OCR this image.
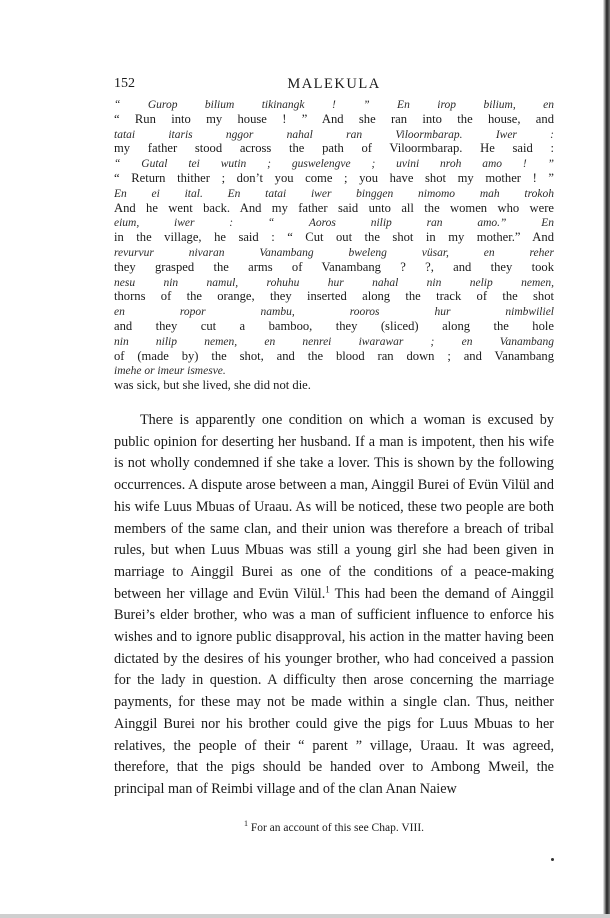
152	MALEKULA
“ Gurop bilium tikinangk ! ” En irop bilium, en
“ Run into my house ! ” And she ran into the house, and
tatai itaris nggor nahal ran Viloormbarap. Iwer :
my father stood across the path of Viloormbarap. He said :
“ Gutal tei wutin ; guswelengve ; uvini nroh amo ! ”
“ Return thither ; don’t you come ; you have shot my mother ! ”
En ei ital. En tatai iwer binggen nimomo mah trokoh
And he went back. And my father said unto all the women who were
eium, iwer : “ Aoros nilip ran amo.” En
in the village, he said : “ Cut out the shot in my mother.” And
revurvur nivaran Vanambang bweleng vüsar, en reher
they grasped the arms of Vanambang ? ?, and they took
nesu nin namul, rohuhu hur nahal nin nelip nemen,
thorns of the orange, they inserted along the track of the shot
en ropor nambu, rooros hur nimbwiliel
and they cut a bamboo, they (sliced) along the hole
nin nilip nemen, en nenrei iwarawar ; en Vanambang
of (made by) the shot, and the blood ran down ; and Vanambang
imehe or imeur ismesve.
was sick, but she lived, she did not die.

There is apparently one condition on which a woman is excused by public opinion for deserting her husband. If a man is impotent, then his wife is not wholly condemned if she take a lover. This is shown by the following occurrences. A dispute arose between a man, Ainggil Burei of Evün Vilül and his wife Luus Mbuas of Uraau. As will be noticed, these two people are both members of the same clan, and their union was therefore a breach of tribal rules, but when Luus Mbuas was still a young girl she had been given in marriage to Ainggil Burei as one of the conditions of a peace-making between her village and Evün Vilül.$^1$ This had been the demand of Ainggil Burei’s elder brother, who was a man of sufficient influence to enforce his wishes and to ignore public disapproval, his action in the matter having been dictated by the desires of his younger brother, who had conceived a passion for the lady in question. A difficulty then arose concerning the marriage payments, for these may not be made within a single clan. Thus, neither Ainggil Burei nor his brother could give the pigs for Luus Mbuas to her relatives, the people of their “ parent ” village, Uraau. It was agreed, therefore, that the pigs should be handed over to Ambong Mweil, the principal man of Reimbi village and of the clan Anan Naiew

$^1$ For an account of this see Chap. VIII.
